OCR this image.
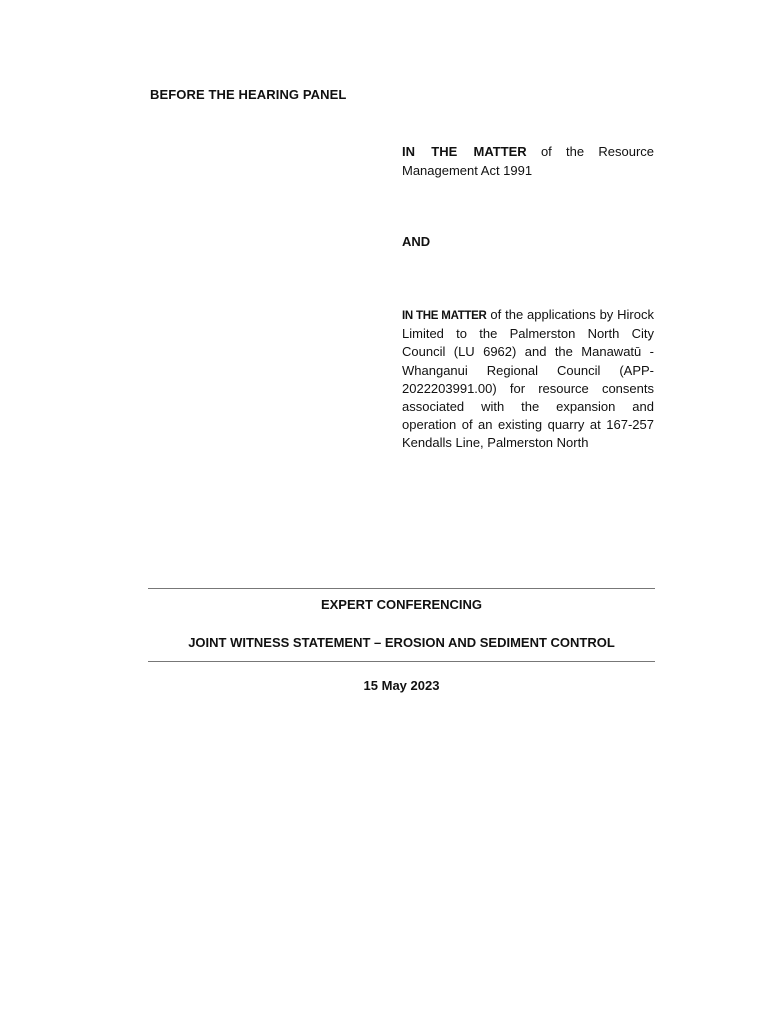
BEFORE THE HEARING PANEL
IN THE MATTER of the Resource Management Act 1991
AND
IN THE MATTER of the applications by Hirock Limited to the Palmerston North City Council (LU 6962) and the Manawatū -Whanganui Regional Council (APP-2022203991.00) for resource consents associated with the expansion and operation of an existing quarry at 167-257 Kendalls Line, Palmerston North
EXPERT CONFERENCING
JOINT WITNESS STATEMENT – EROSION AND SEDIMENT CONTROL
15 May 2023
